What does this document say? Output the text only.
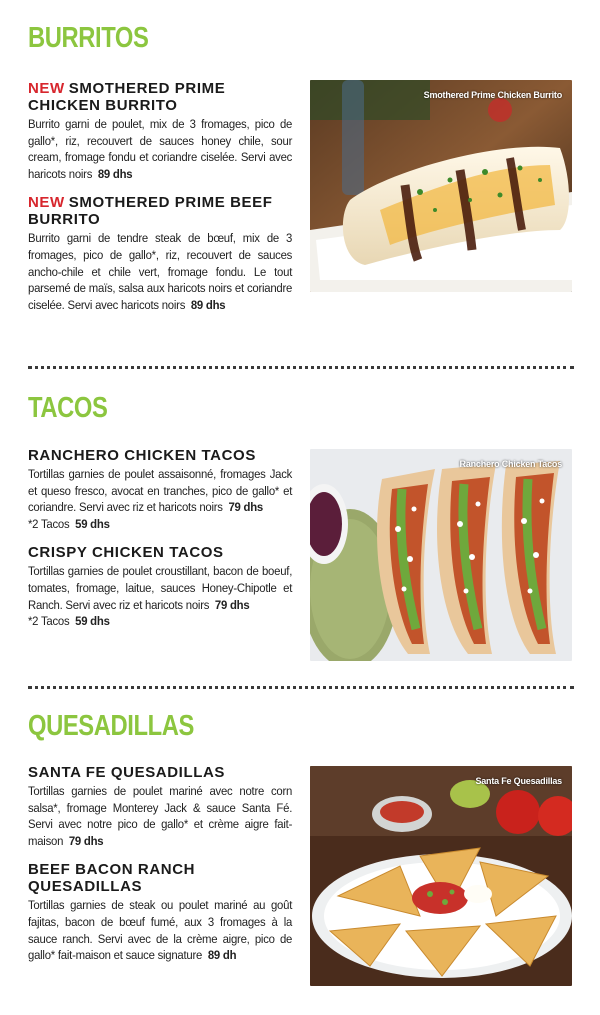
BURRITOS
NEW SMOTHERED PRIME CHICKEN BURRITO

Burrito garni de poulet, mix de 3 fromages, pico de gallo*, riz, recouvert de sauces honey chile, sour cream, fromage fondu et coriandre ciselée. Servi avec haricots noirs 89 dhs

NEW SMOTHERED PRIME BEEF BURRITO

Burrito garni de tendre steak de bœuf, mix de 3 fromages, pico de gallo*, riz, recouvert de sauces ancho-chile et chile vert, fromage fondu. Le tout parsemé de maïs, salsa aux haricots noirs et coriandre ciselée. Servi avec haricots noirs 89 dhs

Smothered Prime Chicken Burrito
TACOS
RANCHERO CHICKEN TACOS

Tortillas garnies de poulet assaisonné, fromages Jack et queso fresco, avocat en tranches, pico de gallo* et coriandre. Servi avec riz et haricots noirs 79 dhs
*2 Tacos 59 dhs

CRISPY CHICKEN TACOS

Tortillas garnies de poulet croustillant, bacon de boeuf, tomates, fromage, laitue, sauces Honey-Chipotle et Ranch. Servi avec riz et haricots noirs 79 dhs
*2 Tacos 59 dhs

Ranchero Chicken Tacos
QUESADILLAS
SANTA FE QUESADILLAS

Tortillas garnies de poulet mariné avec notre corn salsa*, fromage Monterey Jack & sauce Santa Fé. Servi avec notre pico de gallo* et crème aigre fait-maison 79 dhs

BEEF BACON RANCH QUESADILLAS

Tortillas garnies de steak ou poulet mariné au goût fajitas, bacon de bœuf fumé, aux 3 fromages à la sauce ranch. Servi avec de la crème aigre, pico de gallo* fait-maison et sauce signature 89 dh

Santa Fe Quesadillas
